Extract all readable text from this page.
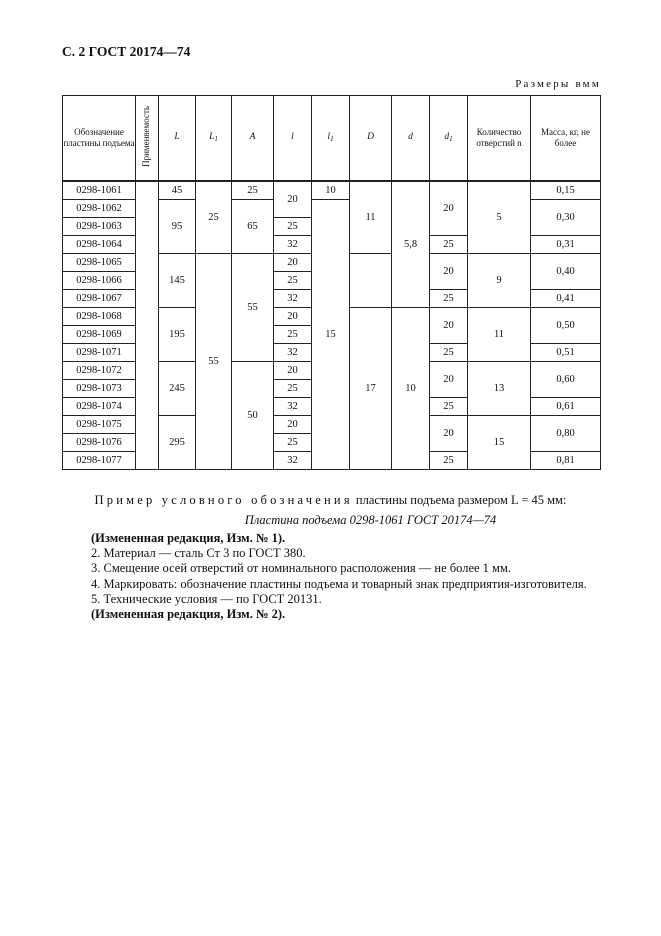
С. 2 ГОСТ 20174—74
Размеры вмм
Обозначение пластины подъема	Применяемость	L	$L_1$	A	l	$l_1$	D	d	$d_1$	Количество отверстий n	Масса, кг, не более

0298-1061		45	25	25	20	10	11	5,8	20	5	0,15
0298-1062		95		65		15					0,30
0298-1063					25						
0298-1064					32				25		0,31
0298-1065		145	55	55	20				20	9	0,40
0298-1066					25						
0298-1067					32				25		0,41
0298-1068		195			20		17	10	20	11	0,50
0298-1069					25						
0298-1071					32				25		0,51
0298-1072		245		50	20				20	13	0,60
0298-1073					25						
0298-1074					32				25		0,61
0298-1075		295			20				20	15	0,80
0298-1076					25						
0298-1077					32				25		0,81
Пример условного обозначения пластины подъема размером L = 45 мм:
Пластина подъема 0298-1061 ГОСТ 20174—74
(Измененная редакция, Изм. № 1).
2. Материал — сталь Ст 3 по ГОСТ 380.
3. Смещение осей отверстий от номинального расположения — не более 1 мм.
4. Маркировать: обозначение пластины подъема и товарный знак предприятия-изготовителя.
5. Технические условия — по ГОСТ 20131.
(Измененная редакция, Изм. № 2).
